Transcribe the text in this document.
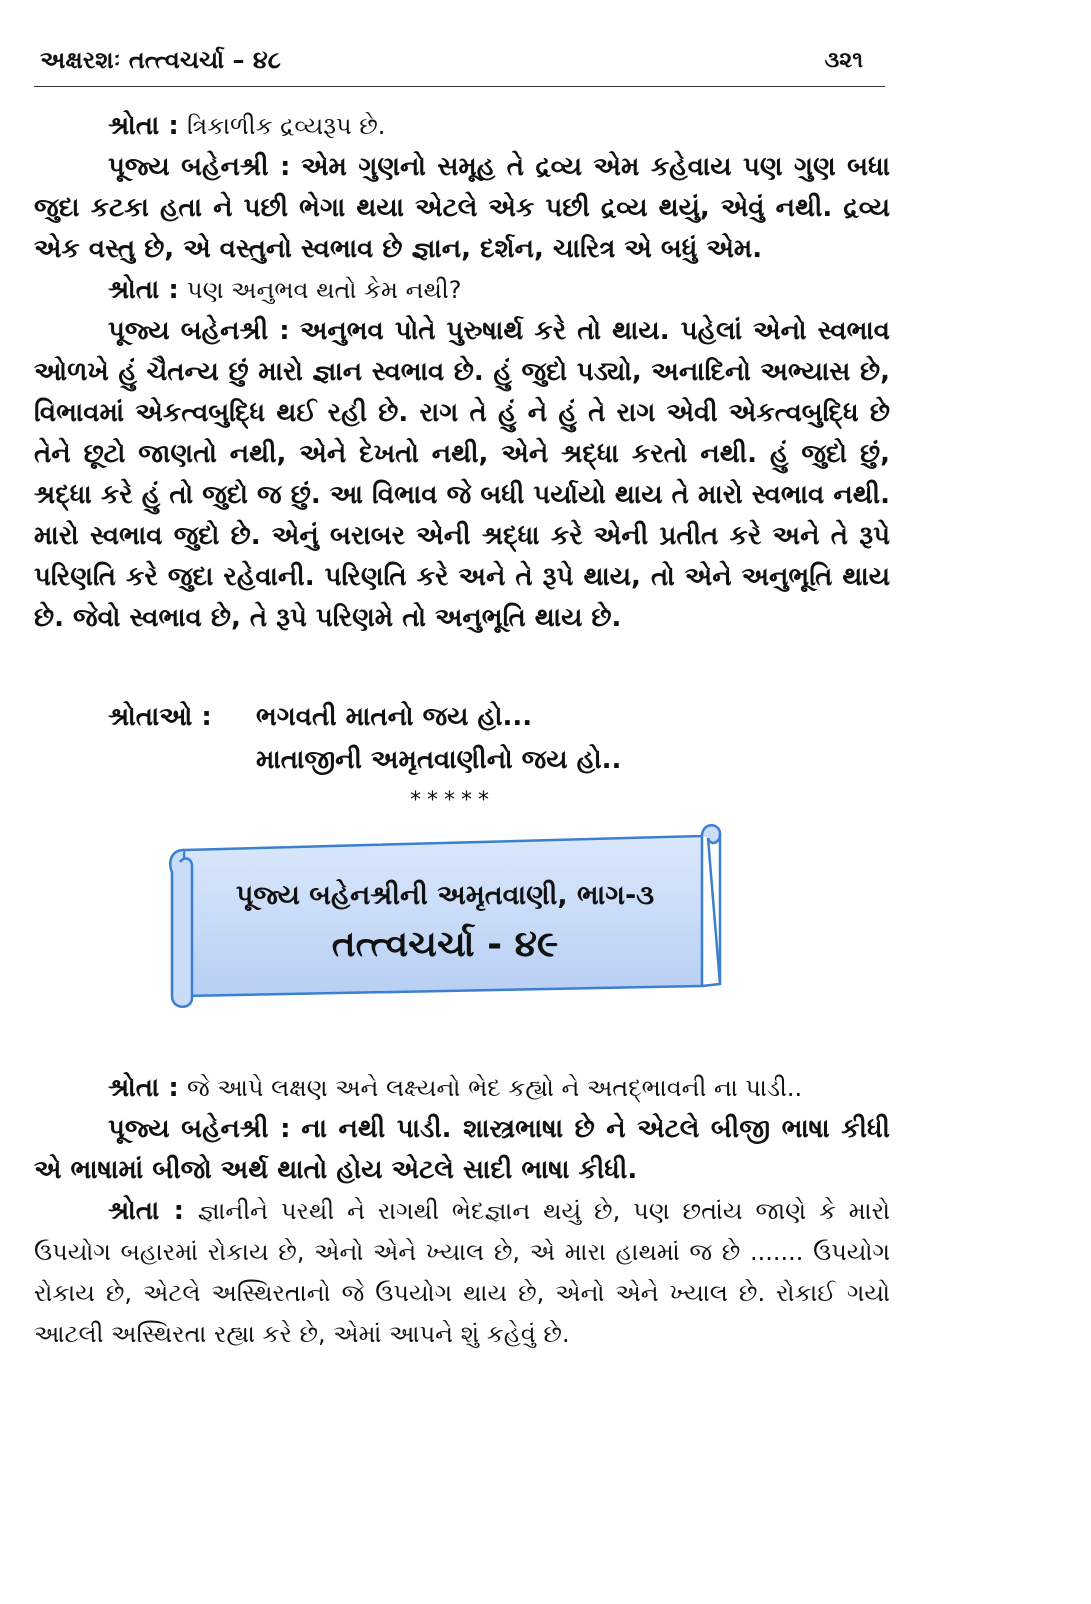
અક્ષરશઃ તત્ત્વચર્ચા – ૪૮	૩૨૧

શ્રોતા : ત્રિકાળીક દ્રવ્યરૂપ છે.

પૂજ્ય બહેનશ્રી : એમ ગુણનો સમૂહ તે દ્રવ્ય એમ કહેવાય પણ ગુણ બધા જુદા કટકા હતા ને પછી ભેગા થયા એટલે એક પછી દ્રવ્ય થયું, એવું નથી. દ્રવ્ય એક વસ્તુ છે, એ વસ્તુનો સ્વભાવ છે જ્ઞાન, દર્શન, ચારિત્ર એ બધું એમ.

શ્રોતા : પણ અનુભવ થતો કેમ નથી?

પૂજ્ય બહેનશ્રી : અનુભવ પોતે પુરુષાર્થ કરે તો થાય. પહેલાં એનો સ્વભાવ ઓળખે હું ચૈતન્ય છું મારો જ્ઞાન સ્વભાવ છે. હું જુદો પડ્યો, અનાદિનો અભ્યાસ છે, વિભાવમાં એકત્વબુદ્ધિ થઈ રહી છે. રાગ તે હું ને હું તે રાગ એવી એકત્વબુદ્ધિ છે તેને છૂટો જાણતો નથી, એને દેખતો નથી, એને શ્રદ્ધા કરતો નથી. હું જુદો છું, શ્રદ્ધા કરે હું તો જુદો જ છું. આ વિભાવ જે બધી પર્યાયો થાય તે મારો સ્વભાવ નથી. મારો સ્વભાવ જુદો છે. એનું બરાબર એની શ્રદ્ધા કરે એની પ્રતીત કરે અને તે રૂપે પરિણતિ કરે જુદા રહેવાની. પરિણતિ કરે અને તે રૂપે થાય, તો એને અનુભૂતિ થાય છે. જેવો સ્વભાવ છે, તે રૂપે પરિણમે તો અનુભૂતિ થાય છે.

શ્રોતાઓ :	ભગવતી માતનો જય હો...
માતાજીની અમૃતવાણીનો જય હો..
*****
પૂજ્ય બહેનશ્રીની અમૃતવાણી, ભાગ-૩
તત્ત્વચર્ચા - ૪૯

શ્રોતા : જે આપે લક્ષણ અને લક્ષ્યનો ભેદ કહ્યો ને અતદ્ભાવની ના પાડી..

પૂજ્ય બહેનશ્રી : ના નથી પાડી. શાસ્ત્રભાષા છે ને એટલે બીજી ભાષા કીધી એ ભાષામાં બીજો અર્થ થાતો હોય એટલે સાદી ભાષા કીધી.

શ્રોતા : જ્ઞાનીને પરથી ને રાગથી ભેદજ્ઞાન થયું છે, પણ છતાંય જાણે કે મારો ઉપયોગ બહારમાં રોકાય છે, એનો એને ખ્યાલ છે, એ મારા હાથમાં જ છે ....... ઉપયોગ રોકાય છે, એટલે અસ્થિરતાનો જે ઉપયોગ થાય છે, એનો એને ખ્યાલ છે. રોકાઈ ગયો આટલી અસ્થિરતા રહ્યા કરે છે, એમાં આપને શું કહેવું છે.
